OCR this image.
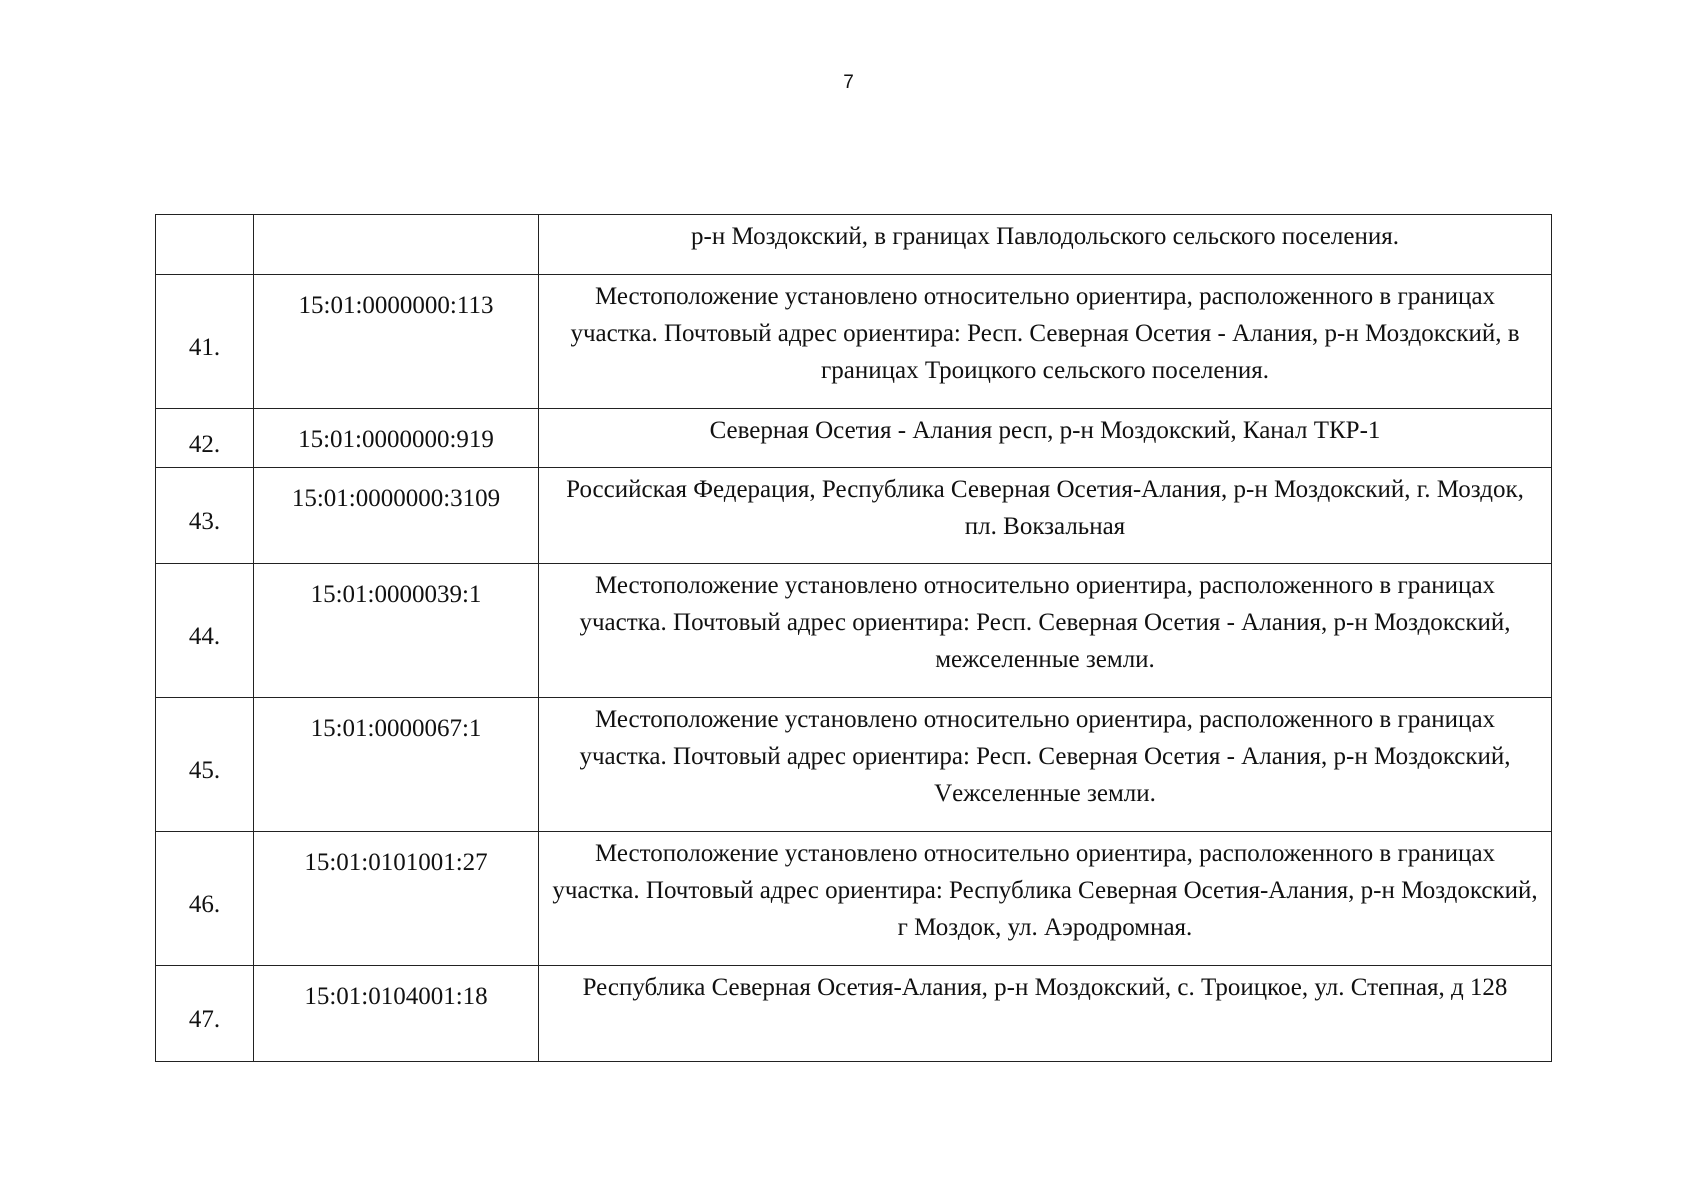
7
		р-н Моздокский, в границах Павлодольского сельского поселения.
41.	15:01:0000000:113	Местоположение установлено относительно ориентира, расположенного в границах участка. Почтовый адрес ориентира: Респ. Северная Осетия - Алания, р-н Моздокский, в границах Троицкого сельского поселения.
42.	15:01:0000000:919	Северная Осетия - Алания респ, р-н Моздокский, Канал ТКР-1
43.	15:01:0000000:3109	Российская Федерация, Республика Северная Осетия-Алания, р-н Моздокский, г. Моздок, пл. Вокзальная
44.	15:01:0000039:1	Местоположение установлено относительно ориентира, расположенного в границах участка. Почтовый адрес ориентира: Респ. Северная Осетия - Алания, р-н Моздокский, межселенные земли.
45.	15:01:0000067:1	Местоположение установлено относительно ориентира, расположенного в границах участка. Почтовый адрес ориентира: Респ. Северная Осетия - Алания, р-н Моздокский, Vежселенные земли.
46.	15:01:0101001:27	Местоположение установлено относительно ориентира, расположенного в границах участка. Почтовый адрес ориентира: Республика Северная Осетия-Алания, р-н Моздокский, г Моздок, ул. Аэродромная.
47.	15:01:0104001:18	Республика Северная Осетия-Алания, р-н Моздокский, с. Троицкое, ул. Степная, д 128
